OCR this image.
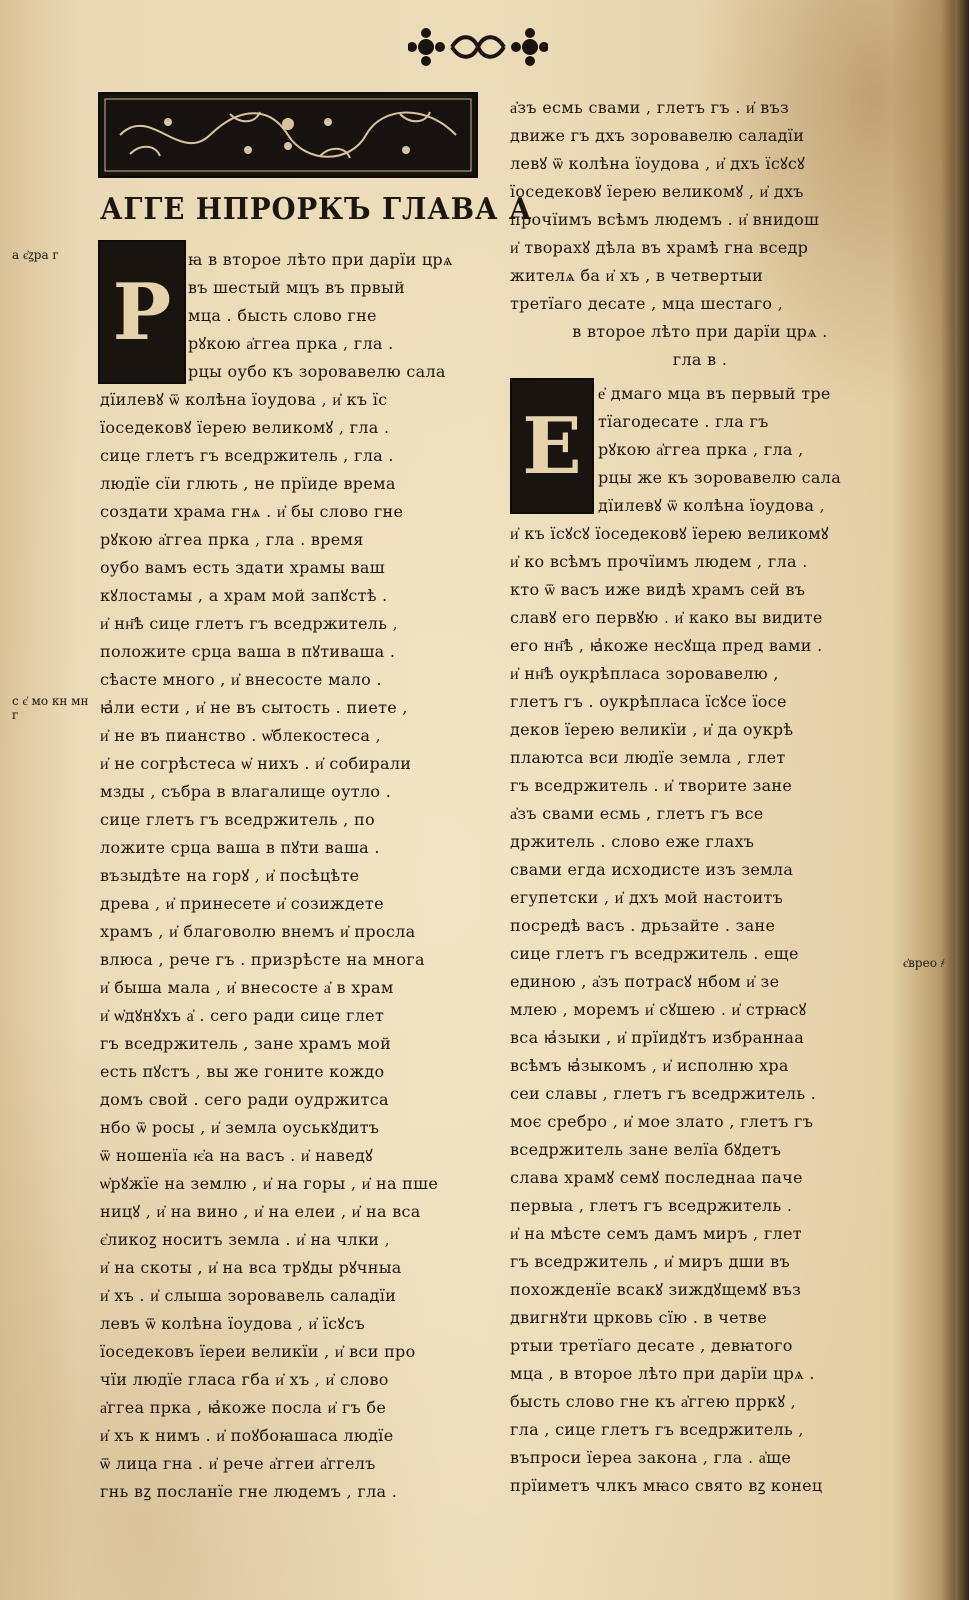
АГГЕ НПРОРКЪ ГЛАВА А
Р
ꙗ в второе лѣто при дарїи црѧ
въ шестый мцъ въ првый
мца . бысть слово гне
рꙋкою а҆ггеа прка , гла .
рцы оубо къ зоровавелю сала
дїилевꙋ ѿ колѣна їоудова , и҆ къ їс
їоседековꙋ їерею великомꙋ , гла .
сице глетъ гъ вседржитель , гла .
людїе сїи глють , не прїиде врема
создати храма гнѧ . и҆ бы слово гне
рꙋкою а҆ггеа прка , гла . время
оубо вамъ есть здати храмы ваш
кꙋлостамы , а храм мой запꙋстѣ .
и҆ нн҃ѣ сице глетъ гъ вседржитель ,
положите срца ваша в пꙋтиваша .
сѣасте много , и҆ внесосте мало .
ꙗ҆ли ести , и҆ не въ сытость . пиете ,
и҆ не въ пианство . ѡ҆блекостеса ,
и҆ не согрѣстеса ѡ҆ нихъ . и҆ собирали
мзды , събра в влагалище оутло .
сице глетъ гъ вседржитель , по
ложите срца ваша в пꙋти ваша .
възыдѣте на горꙋ , и҆ посѣцѣте
древа , и҆ принесете и҆ созиждете
храмъ , и҆ благоволю внемъ и҆ просла
влюса , рече гъ . призрѣсте на многа
и҆ быша мала , и҆ внесосте а҆ в храм
и҆ ѡ҆дꙋнꙋхъ а҆ . сего ради сице глет
гъ вседржитель , зане храмъ мой
есть пꙋстъ , вы же гоните кождо
домъ свой . сего ради оудржитса
нбо ѿ росы , и҆ земла оуськꙋдитъ
ѿ ношенїа ѥ҆а на васъ . и҆ наведꙋ
ѡ҆рꙋжїе на землю , и҆ на горы , и҆ на пше
ницꙋ , и҆ на вино , и҆ на елеи , и҆ на вса
є҆ликоꙁ носитъ земла . и҆ на члки ,
и҆ на скоты , и҆ на вса трꙋды рꙋчныа
и҆ хъ . и҆ слыша зоровавель саладїи
левъ ѿ колѣна їоудова , и҆ їсꙋсъ
їоседековъ їереи великїи , и҆ вси про
чїи людїе гласа гба и҆ хъ , и҆ слово
а҆ггеа прка , ꙗ҆коже посла и҆ гъ бе
и҆ хъ к нимъ . и҆ поꙋбоꙗшаса людїе
ѿ лица гна . и҆ рече а҆ггеи а҆ггелъ
гнь вꙁ посланїе гне людемъ , гла .
а҆зъ есмь свами , глетъ гъ . и҆ въз
движе гъ дхъ зоровавелю саладїи
левꙋ ѿ колѣна їоудова , и҆ дхъ їсꙋсꙋ
їоседековꙋ їерею великомꙋ , и҆ дхъ
прочїимъ всѣмъ людемъ . и҆ внидош
и҆ творахꙋ дѣла въ храмѣ гна вседр
жителѧ ба и҆ хъ , в четвертыи
третїаго десате , мца шестаго ,
в второе лѣто при дарїи црѧ .
гла в .
Е
е҆ дмаго мца въ первый тре
тїагодесате . гла гъ
рꙋкою а҆ггеа прка , гла ,
рцы же къ зоровавелю сала
дїилевꙋ ѿ колѣна їоудова ,
и҆ къ їсꙋсꙋ їоседековꙋ їерею великомꙋ
и҆ ко всѣмъ прочїимъ людем , гла .
кто ѿ васъ иже видѣ храмъ сей въ
славꙋ его первꙋю . и҆ како вы видите
его нн҃ѣ , ꙗ҆коже несꙋща пред вами .
и҆ нн҃ѣ оукрѣпласа зоровавелю ,
глетъ гъ . оукрѣпласа їсꙋсе їосе
деков їерею великїи , и҆ да оукрѣ
плаютса вси людїе земла , глет
гъ вседржитель . и҆ творите зане
а҆зъ свами есмь , глетъ гъ все
држитель . слово еже глахъ
свами егда исходисте изъ земла
егупетски , и҆ дхъ мой настоитъ
посредѣ васъ . дрьзайте . зане
сице глетъ гъ вседржитель . еще
единою , а҆зъ потрасꙋ нбом и҆ зе
млею , моремъ и҆ сꙋшею . и҆ стрꙗсꙋ
вса ꙗ҆зыки , и҆ прїидꙋтъ избраннаа
всѣмъ ꙗ҆зыкомъ , и҆ исполню хра
сеи славы , глетъ гъ вседржитель .
моє сребро , и҆ мое злато , глетъ гъ
вседржитель зане велїа бꙋдетъ
слава храмꙋ семꙋ последнаа паче
первыа , глетъ гъ вседржитель .
и҆ на мѣсте семъ дамъ миръ , глет
гъ вседржитель , и҆ миръ дши въ
похожденїе всакꙋ зиждꙋщемꙋ въз
двигнꙋти црковь сїю . в четве
ртыи третїаго десате , девꙗтого
мца , в второе лѣто при дарїи црѧ .
бысть слово гне къ а҆ггею прркꙋ ,
гла , сице глетъ гъ вседржитель ,
въпроси їереа закона , гла . а҆ще
прїиметъ члкъ мꙗсо свято вꙁ конец
а є҆ꙁра г
с є҆ мо кн мн г
є҆врео ҂
